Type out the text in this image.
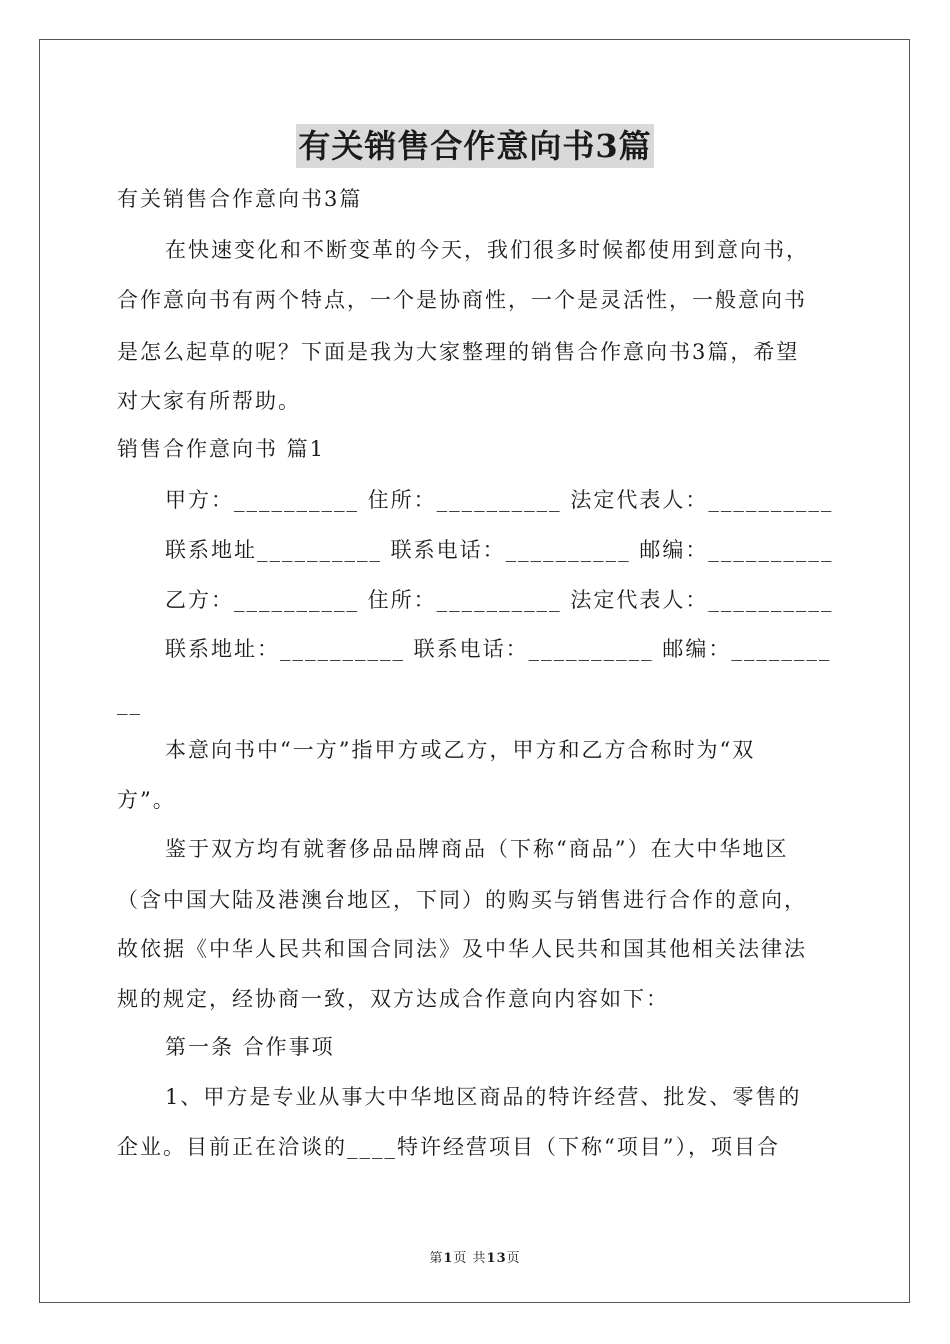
有关销售合作意向书3篇
有关销售合作意向书3篇
在快速变化和不断变革的今天，我们很多时候都使用到意向书，
合作意向书有两个特点，一个是协商性，一个是灵活性，一般意向书
是怎么起草的呢？下面是我为大家整理的销售合作意向书3篇，希望
对大家有所帮助。
销售合作意向书 篇1
甲方：__________ 住所：__________ 法定代表人：__________
联系地址__________ 联系电话：__________ 邮编：__________
乙方：__________ 住所：__________ 法定代表人：__________
联系地址：__________ 联系电话：__________ 邮编：________
__
本意向书中“一方”指甲方或乙方，甲方和乙方合称时为“双
方”。
鉴于双方均有就奢侈品品牌商品（下称“商品”）在大中华地区
（含中国大陆及港澳台地区，下同）的购买与销售进行合作的意向，
故依据《中华人民共和国合同法》及中华人民共和国其他相关法律法
规的规定，经协商一致，双方达成合作意向内容如下：
第一条 合作事项
1、甲方是专业从事大中华地区商品的特许经营、批发、零售的
企业。目前正在洽谈的____特许经营项目（下称“项目”），项目合
第1页 共13页
